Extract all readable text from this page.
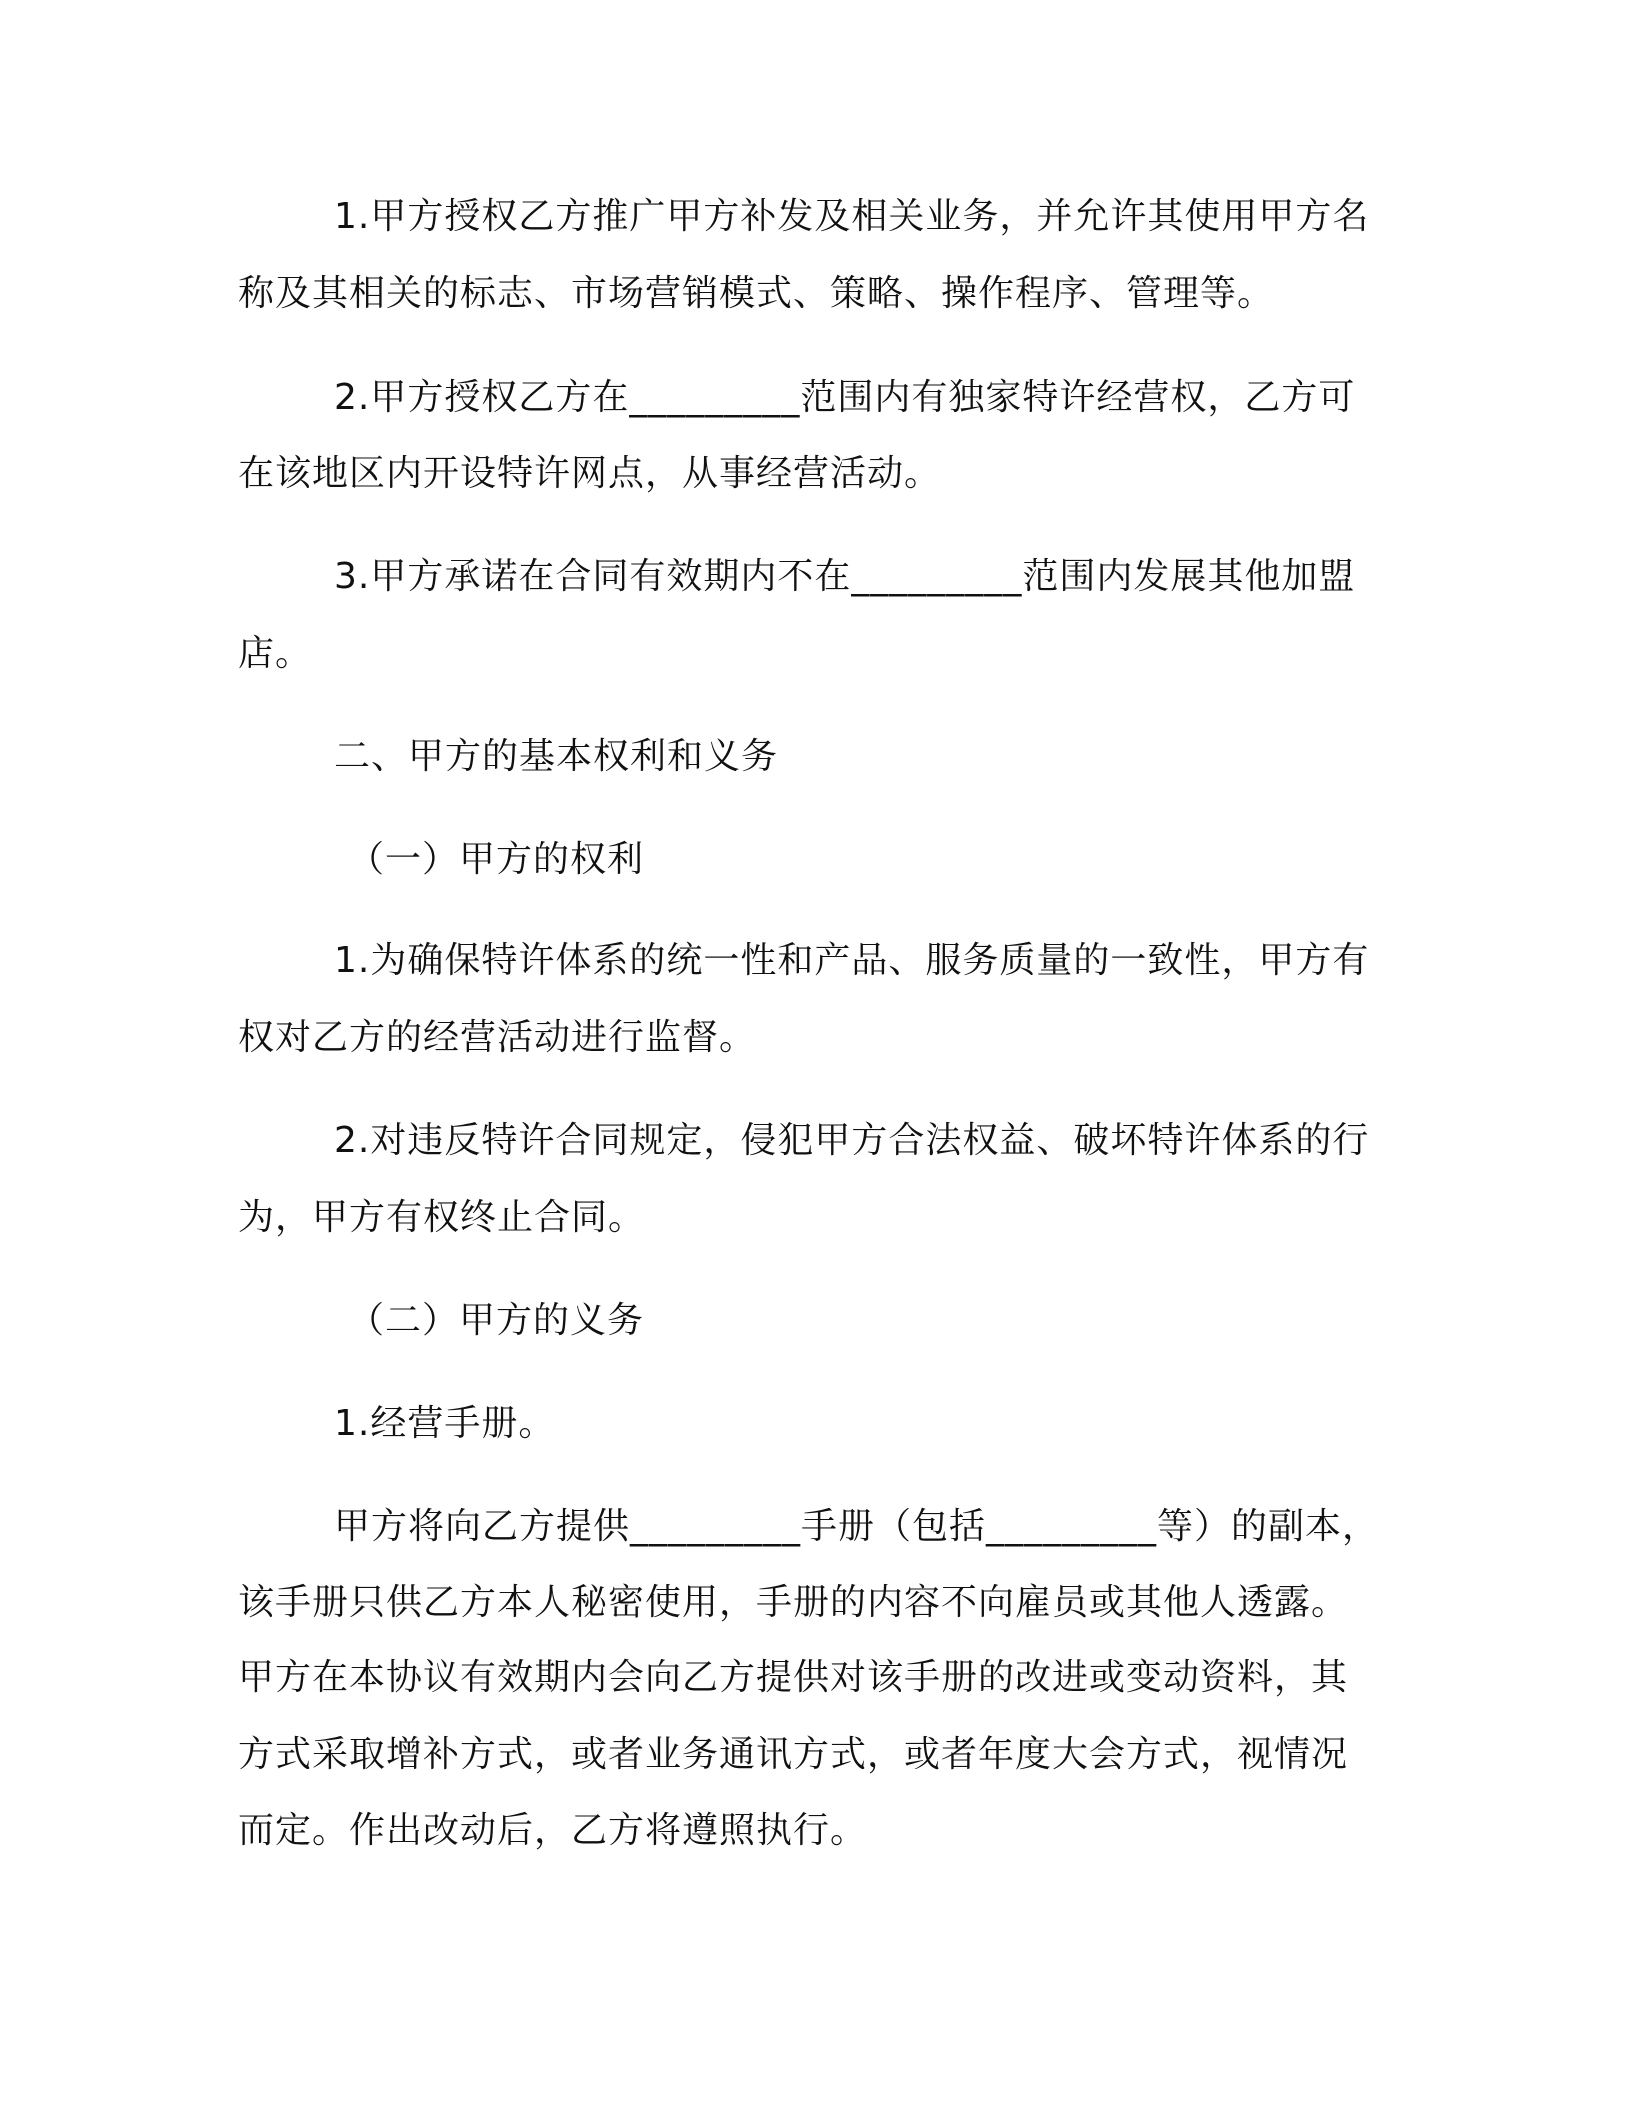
1.甲方授权乙方推广甲方补发及相关业务，并允许其使用甲方名
称及其相关的标志、市场营销模式、策略、操作程序、管理等。
2.甲方授权乙方在_________范围内有独家特许经营权，乙方可
在该地区内开设特许网点，从事经营活动。
3.甲方承诺在合同有效期内不在_________范围内发展其他加盟
店。
二、甲方的基本权利和义务
（一）甲方的权利
1.为确保特许体系的统一性和产品、服务质量的一致性，甲方有
权对乙方的经营活动进行监督。
2.对违反特许合同规定，侵犯甲方合法权益、破坏特许体系的行
为，甲方有权终止合同。
（二）甲方的义务
1.经营手册。
甲方将向乙方提供_________手册（包括_________等）的副本，
该手册只供乙方本人秘密使用，手册的内容不向雇员或其他人透露。
甲方在本协议有效期内会向乙方提供对该手册的改进或变动资料，其
方式采取增补方式，或者业务通讯方式，或者年度大会方式，视情况
而定。作出改动后，乙方将遵照执行。
